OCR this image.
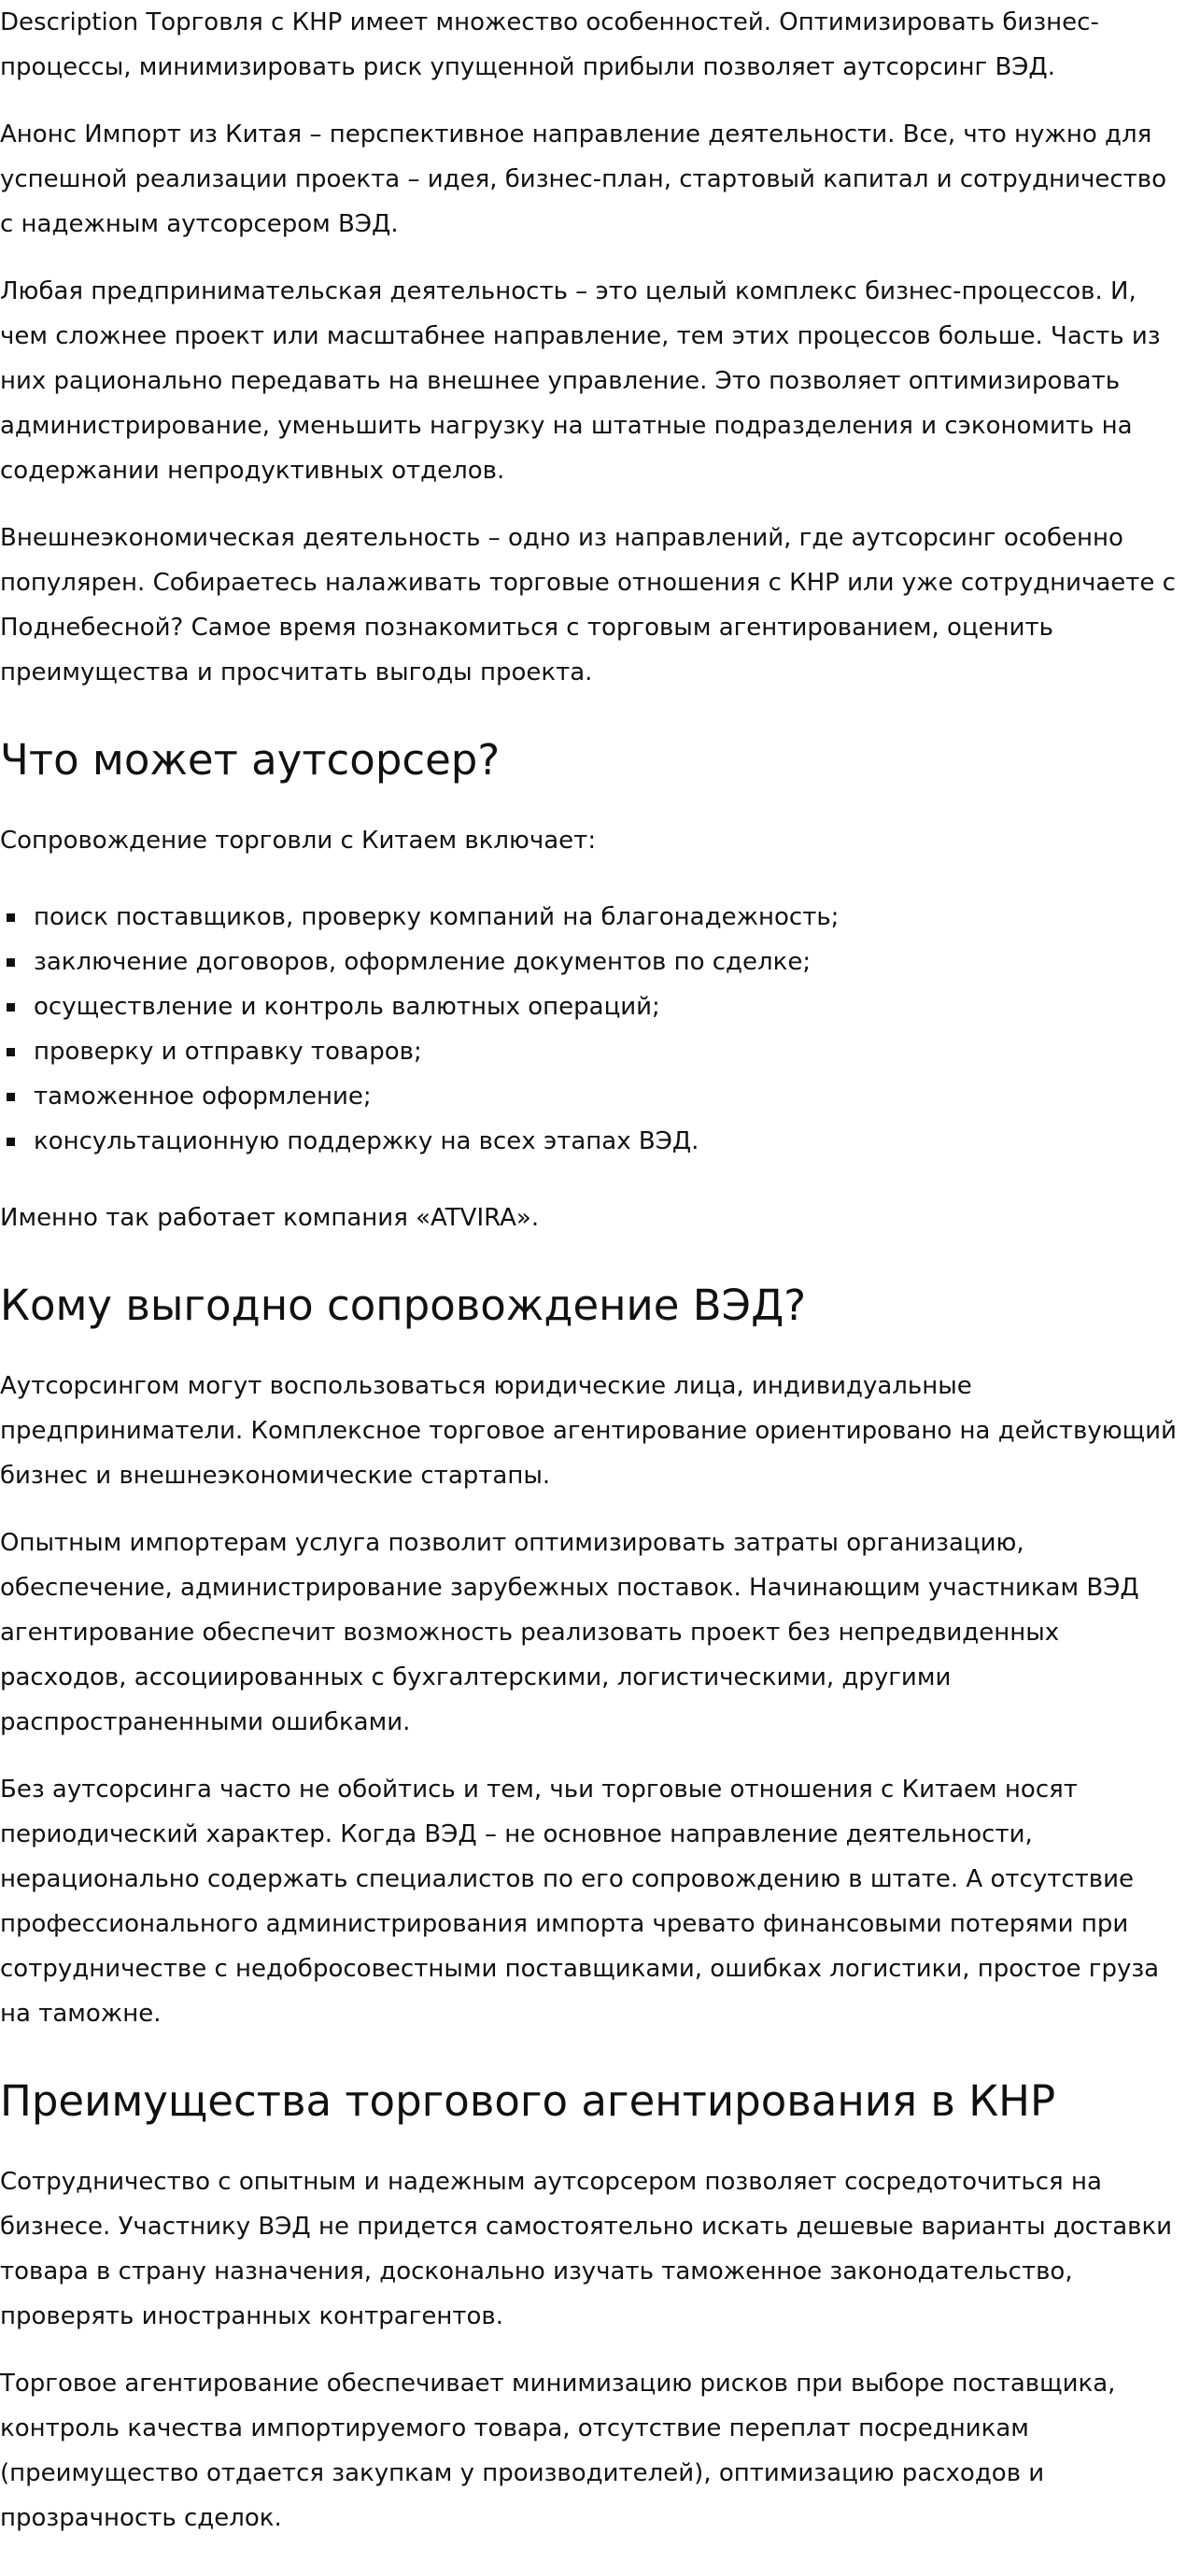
Description Торговля с КНР имеет множество особенностей. Оптимизировать бизнес-процессы, минимизировать риск упущенной прибыли позволяет аутсорсинг ВЭД.

Анонс Импорт из Китая – перспективное направление деятельности. Все, что нужно для успешной реализации проекта – идея, бизнес-план, стартовый капитал и сотрудничество с надежным аутсорсером ВЭД.

Любая предпринимательская деятельность – это целый комплекс бизнес-процессов. И, чем сложнее проект или масштабнее направление, тем этих процессов больше. Часть из них рационально передавать на внешнее управление. Это позволяет оптимизировать администрирование, уменьшить нагрузку на штатные подразделения и сэкономить на содержании непродуктивных отделов.

Внешнеэкономическая деятельность – одно из направлений, где аутсорсинг особенно популярен. Собираетесь налаживать торговые отношения с КНР или уже сотрудничаете с Поднебесной? Самое время познакомиться с торговым агентированием, оценить преимущества и просчитать выгоды проекта.

Что может аутсорсер?

Сопровождение торговли с Китаем включает:

поиск поставщиков, проверку компаний на благонадежность;
заключение договоров, оформление документов по сделке;
осуществление и контроль валютных операций;
проверку и отправку товаров;
таможенное оформление;
консультационную поддержку на всех этапах ВЭД.

Именно так работает компания «ATVIRA».

Кому выгодно сопровождение ВЭД?

Аутсорсингом могут воспользоваться юридические лица, индивидуальные предприниматели. Комплексное торговое агентирование ориентировано на действующий бизнес и внешнеэкономические стартапы.

Опытным импортерам услуга позволит оптимизировать затраты организацию, обеспечение, администрирование зарубежных поставок. Начинающим участникам ВЭД агентирование обеспечит возможность реализовать проект без непредвиденных расходов, ассоциированных с бухгалтерскими, логистическими, другими распространенными ошибками.

Без аутсорсинга часто не обойтись и тем, чьи торговые отношения с Китаем носят периодический характер. Когда ВЭД – не основное направление деятельности, нерационально содержать специалистов по его сопровождению в штате. А отсутствие профессионального администрирования импорта чревато финансовыми потерями при сотрудничестве с недобросовестными поставщиками, ошибках логистики, простое груза на таможне.

Преимущества торгового агентирования в КНР

Сотрудничество с опытным и надежным аутсорсером позволяет сосредоточиться на бизнесе. Участнику ВЭД не придется самостоятельно искать дешевые варианты доставки товара в страну назначения, досконально изучать таможенное законодательство, проверять иностранных контрагентов.

Торговое агентирование обеспечивает минимизацию рисков при выборе поставщика, контроль качества импортируемого товара, отсутствие переплат посредникам (преимущество отдается закупкам у производителей), оптимизацию расходов и прозрачность сделок.
